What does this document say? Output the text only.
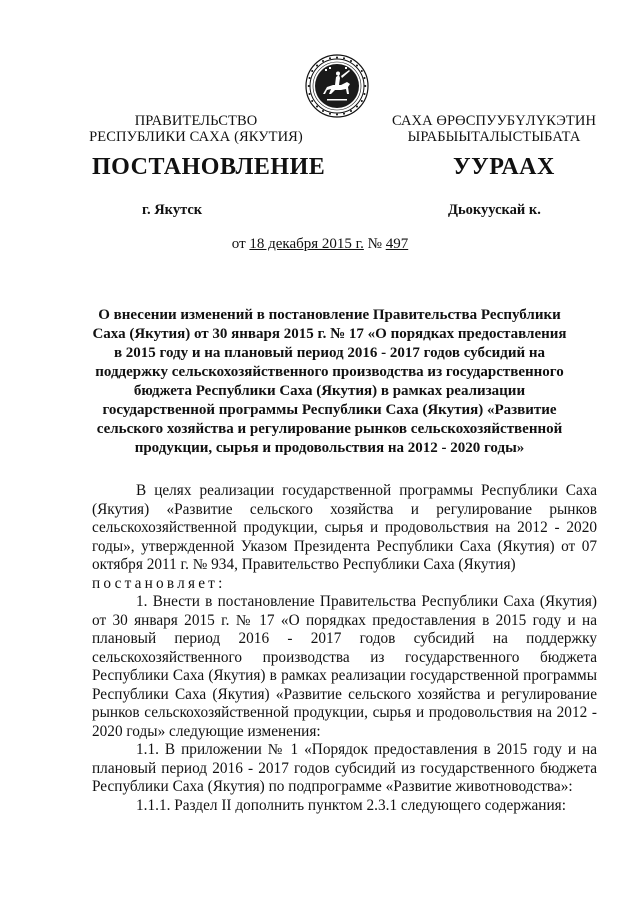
ПРАВИТЕЛЬСТВО
РЕСПУБЛИКИ САХА (ЯКУТИЯ)
САХА ӨРӨСПУУБҮЛҮКЭТИН
ЫРАБЫЫТАЛЫСТЫБАТА
ПОСТАНОВЛЕНИЕ	УУРААХ
г. Якутск	Дьокуускай к.
от 18 декабря 2015 г. № 497
О внесении изменений в постановление Правительства Республики Саха (Якутия) от 30 января 2015 г. № 17 «О порядках предоставления в 2015 году и на плановый период 2016 - 2017 годов субсидий на поддержку сельскохозяйственного производства из государственного бюджета Республики Саха (Якутия) в рамках реализации государственной программы Республики Саха (Якутия) «Развитие сельского хозяйства и регулирование рынков сельскохозяйственной продукции, сырья и продовольствия на 2012 - 2020 годы»

В целях реализации государственной программы Республики Саха (Якутия) «Развитие сельского хозяйства и регулирование рынков сельскохозяйственной продукции, сырья и продовольствия на 2012 - 2020 годы», утвержденной Указом Президента Республики Саха (Якутия) от 07 октября 2011 г. № 934, Правительство Республики Саха (Якутия)

постановляет:

1. Внести в постановление Правительства Республики Саха (Якутия) от 30 января 2015 г. № 17 «О порядках предоставления в 2015 году и на плановый период 2016 - 2017 годов субсидий на поддержку сельскохозяйственного производства из государственного бюджета Республики Саха (Якутия) в рамках реализации государственной программы Республики Саха (Якутия) «Развитие сельского хозяйства и регулирование рынков сельскохозяйственной продукции, сырья и продовольствия на 2012 - 2020 годы» следующие изменения:

1.1. В приложении № 1 «Порядок предоставления в 2015 году и на плановый период 2016 - 2017 годов субсидий из государственного бюджета Республики Саха (Якутия) по подпрограмме «Развитие животноводства»:

1.1.1. Раздел II дополнить пунктом 2.3.1 следующего содержания:
